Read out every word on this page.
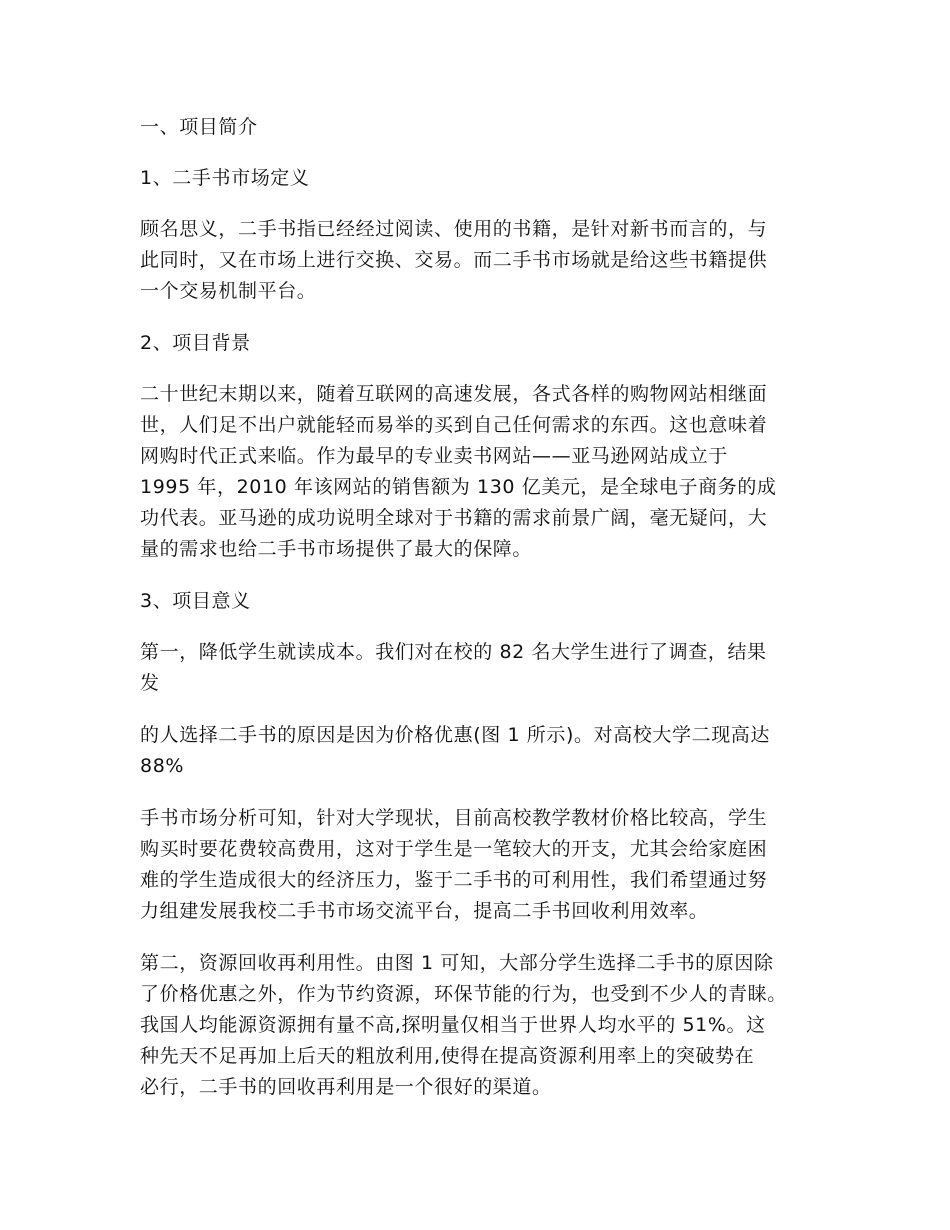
一、项目简介

1、二手书市场定义

顾名思义，二手书指已经经过阅读、使用的书籍，是针对新书而言的，与
此同时，又在市场上进行交换、交易。而二手书市场就是给这些书籍提供
一个交易机制平台。

2、项目背景

二十世纪末期以来，随着互联网的高速发展，各式各样的购物网站相继面
世，人们足不出户就能轻而易举的买到自己任何需求的东西。这也意味着
网购时代正式来临。作为最早的专业卖书网站——亚马逊网站成立于
1995 年，2010 年该网站的销售额为 130 亿美元，是全球电子商务的成
功代表。亚马逊的成功说明全球对于书籍的需求前景广阔，毫无疑问，大
量的需求也给二手书市场提供了最大的保障。

3、项目意义

第一，降低学生就读成本。我们对在校的 82 名大学生进行了调查，结果
发

的人选择二手书的原因是因为价格优惠(图 1 所示)。对高校大学二现高达
88%

手书市场分析可知，针对大学现状，目前高校教学教材价格比较高，学生
购买时要花费较高费用，这对于学生是一笔较大的开支，尤其会给家庭困
难的学生造成很大的经济压力，鉴于二手书的可利用性，我们希望通过努
力组建发展我校二手书市场交流平台，提高二手书回收利用效率。

第二，资源回收再利用性。由图 1 可知，大部分学生选择二手书的原因除
了价格优惠之外，作为节约资源，环保节能的行为，也受到不少人的青睐。
我国人均能源资源拥有量不高,探明量仅相当于世界人均水平的 51%。这
种先天不足再加上后天的粗放利用,使得在提高资源利用率上的突破势在
必行，二手书的回收再利用是一个很好的渠道。
